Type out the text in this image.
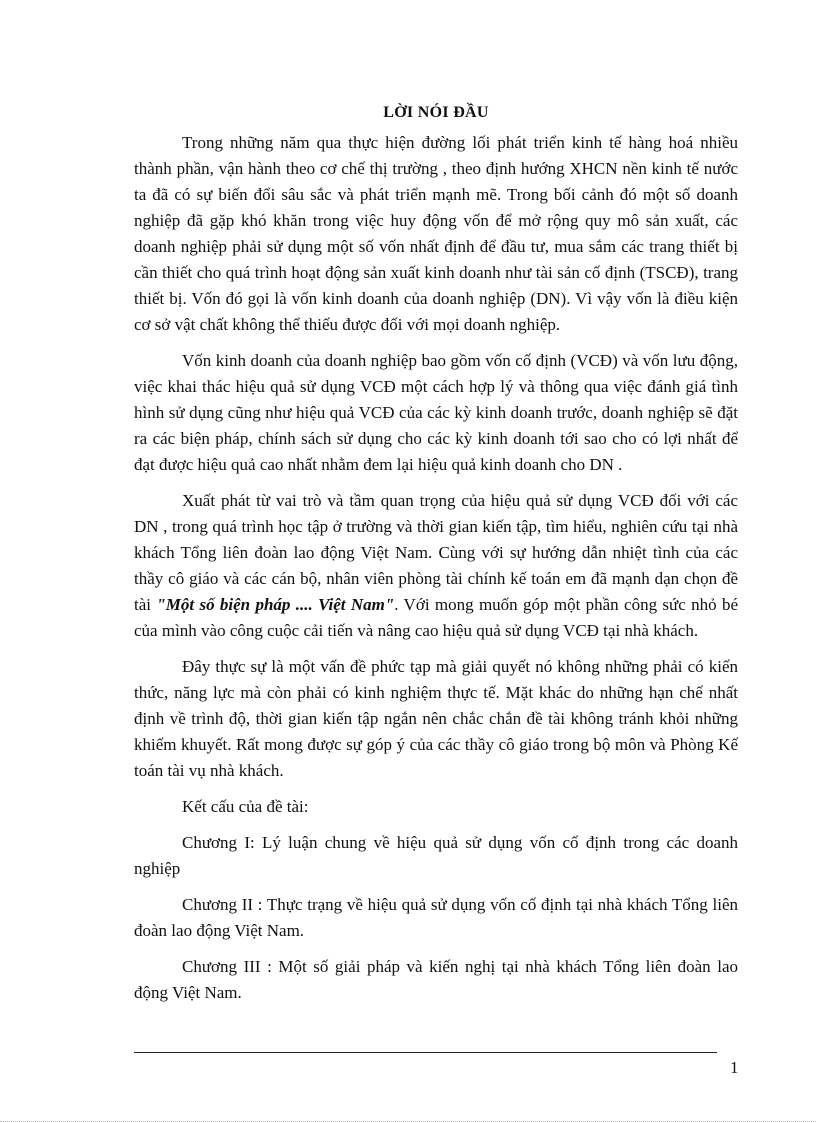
LỜI NÓI ĐẦU

Trong những năm qua thực hiện đường lối phát triển kinh tế hàng hoá nhiều thành phần, vận hành theo cơ chế thị trường , theo định hướng XHCN nền kinh tế nước ta đã có sự biến đổi sâu sắc và phát triển mạnh mẽ. Trong bối cảnh đó một số doanh nghiệp đã gặp khó khăn trong việc huy động vốn để mở rộng quy mô sản xuất, các doanh nghiệp phải sử dụng một số vốn nhất định để đầu tư, mua sắm các trang thiết bị cần thiết cho quá trình hoạt động sản xuất kinh doanh như tài sản cố định (TSCĐ), trang thiết bị. Vốn đó gọi là vốn kinh doanh của doanh nghiệp (DN). Vì vậy vốn là điều kiện cơ sở vật chất không thể thiếu được đối với mọi doanh nghiệp.

Vốn kinh doanh của doanh nghiệp bao gồm vốn cố định (VCĐ) và vốn lưu động, việc khai thác hiệu quả sử dụng VCĐ một cách hợp lý và thông qua việc đánh giá tình hình sử dụng cũng như hiệu quả VCĐ của các kỳ kinh doanh trước, doanh nghiệp sẽ đặt ra các biện pháp, chính sách sử dụng cho các kỳ kinh doanh tới sao cho có lợi nhất để đạt được hiệu quả cao nhất nhằm đem lại hiệu quả kinh doanh cho DN .

Xuất phát từ vai trò và tầm quan trọng của hiệu quả sử dụng VCĐ đối với các DN , trong quá trình học tập ở trường và thời gian kiến tập, tìm hiểu, nghiên cứu tại nhà khách Tổng liên đoàn lao động Việt Nam. Cùng với sự hướng dẫn nhiệt tình của các thầy cô giáo và các cán bộ, nhân viên phòng tài chính kế toán em đã mạnh dạn chọn đề tài "Một số biện pháp .... Việt Nam". Với mong muốn góp một phần công sức nhỏ bé của mình vào công cuộc cải tiến và nâng cao hiệu quả sử dụng VCĐ tại nhà khách.

Đây thực sự là một vấn đề phức tạp mà giải quyết nó không những phải có kiến thức, năng lực mà còn phải có kinh nghiệm thực tế. Mặt khác do những hạn chế nhất định về trình độ, thời gian kiến tập ngắn nên chắc chắn đề tài không tránh khỏi những khiếm khuyết. Rất mong được sự góp ý của các thầy cô giáo trong bộ môn và Phòng Kế toán tài vụ nhà khách.

Kết cấu của đề tài:

Chương I: Lý luận chung về hiệu quả sử dụng vốn cố định trong các doanh nghiệp

Chương II : Thực trạng về hiệu quả sử dụng vốn cố định tại nhà khách Tổng liên đoàn lao động Việt Nam.

Chương III : Một số giải pháp và kiến nghị tại nhà khách Tổng liên đoàn lao động Việt Nam.

1
